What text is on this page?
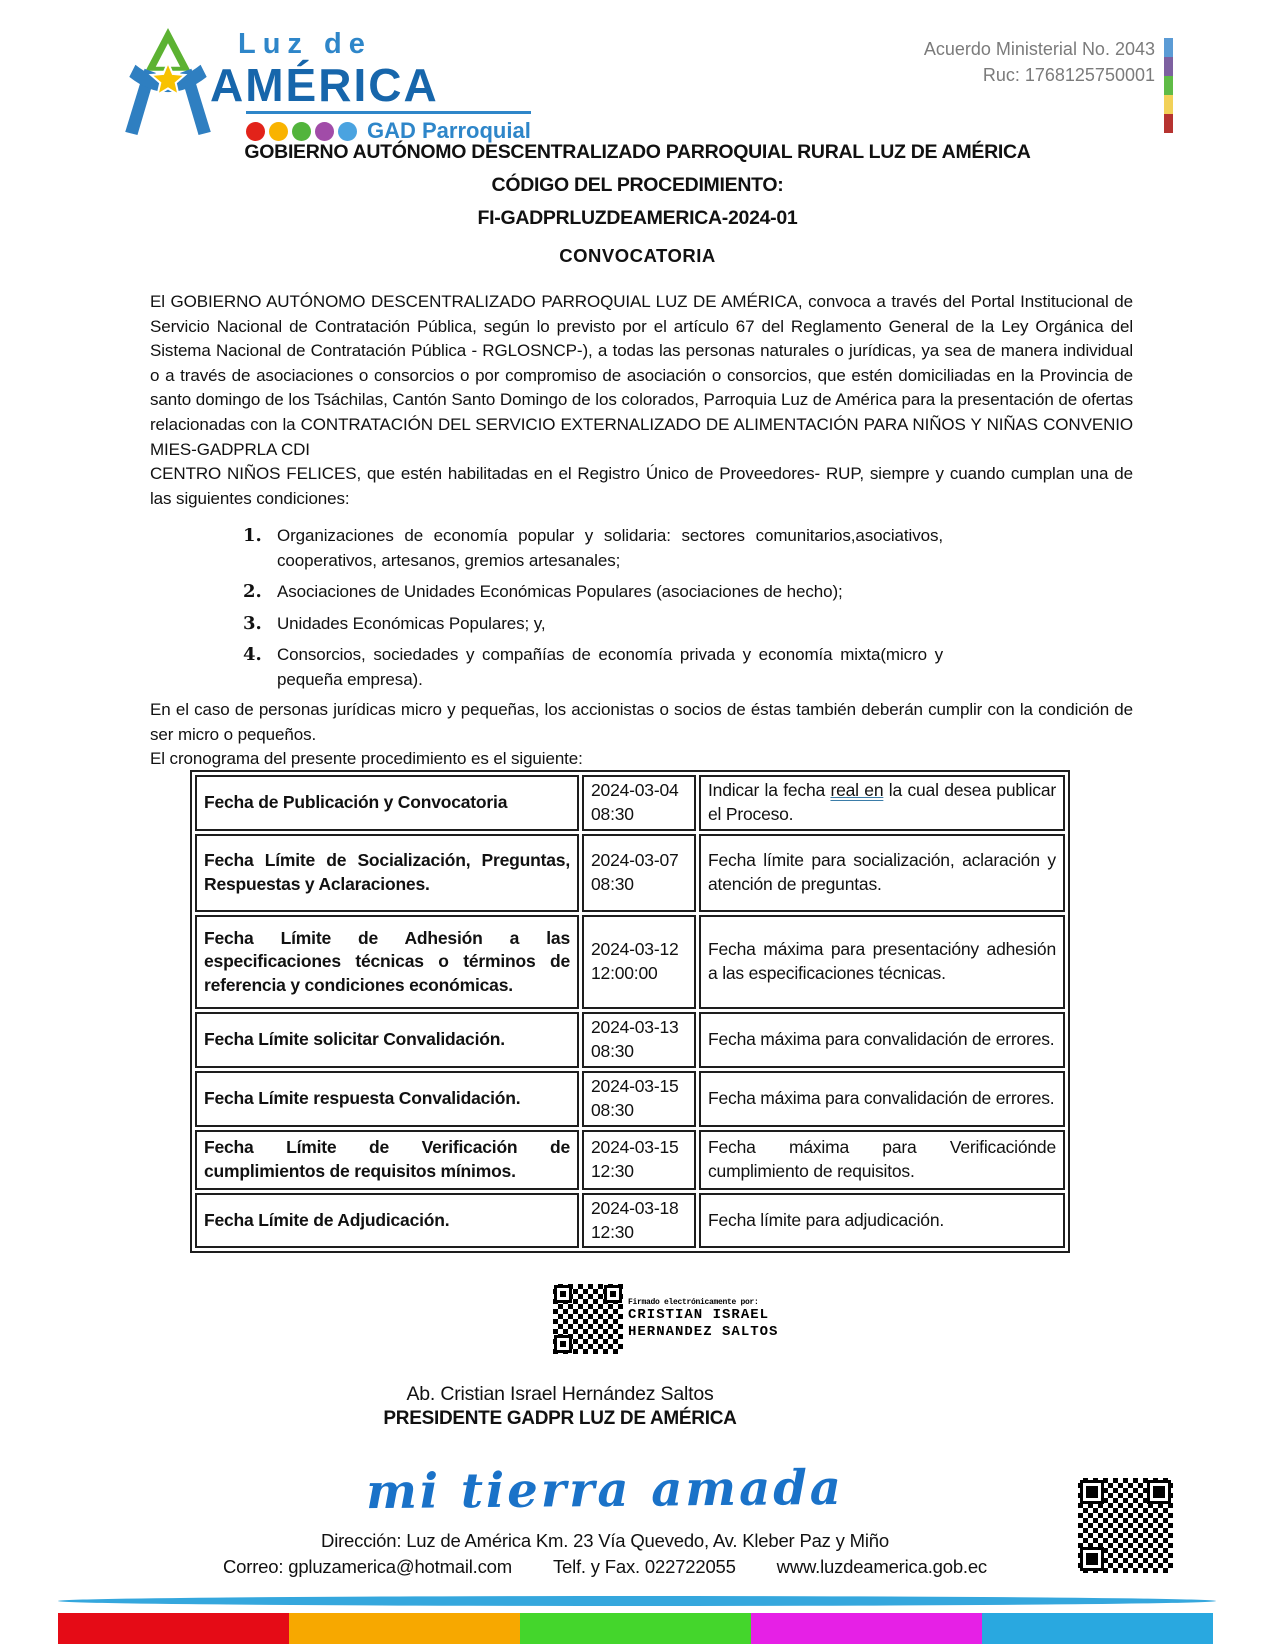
Luz de
AMÉRICA
GAD Parroquial
Acuerdo Ministerial No. 2043
Ruc: 1768125750001
GOBIERNO AUTÓNOMO DESCENTRALIZADO PARROQUIAL RURAL LUZ DE AMÉRICA
CÓDIGO DEL PROCEDIMIENTO:
FI-GADPRLUZDEAMERICA-2024-01
CONVOCATORIA
El GOBIERNO AUTÓNOMO DESCENTRALIZADO PARROQUIAL LUZ DE AMÉRICA, convoca a través del Portal Institucional de Servicio Nacional de Contratación Pública, según lo previsto por el artículo 67 del Reglamento General de la Ley Orgánica del Sistema Nacional de Contratación Pública - RGLOSNCP-), a todas las personas naturales o jurídicas, ya sea de manera individual o a través de asociaciones o consorcios o por compromiso de asociación o consorcios, que estén domiciliadas en la Provincia de santo domingo de los Tsáchilas, Cantón Santo Domingo de los colorados, Parroquia Luz de América para la presentación de ofertas relacionadas con la CONTRATACIÓN DEL SERVICIO EXTERNALIZADO DE ALIMENTACIÓN PARA NIÑOS Y NIÑAS CONVENIO MIES-GADPRLA CDI
CENTRO NIÑOS FELICES, que estén habilitadas en el Registro Único de Proveedores- RUP, siempre y cuando cumplan una de las siguientes condiciones:
1. Organizaciones de economía popular y solidaria: sectores comunitarios,asociativos, cooperativos, artesanos, gremios artesanales;
2. Asociaciones de Unidades Económicas Populares (asociaciones de hecho);
3. Unidades Económicas Populares; y,
4. Consorcios, sociedades y compañías de economía privada y economía mixta(micro y pequeña empresa).
En el caso de personas jurídicas micro y pequeñas, los accionistas o socios de éstas también deberán cumplir con la condición de ser micro o pequeños.
El cronograma del presente procedimiento es el siguiente:
Fecha de Publicación y Convocatoria	2024-03-04 08:30	Indicar la fecha real en la cual desea publicar el Proceso.
Fecha Límite de Socialización, Preguntas, Respuestas y Aclaraciones.	2024-03-07 08:30	Fecha límite para socialización, aclaración y atención de preguntas.
Fecha Límite de Adhesión a las especificaciones técnicas o términos de referencia y condiciones económicas.	2024-03-12 12:00:00	Fecha máxima para presentacióny adhesión a las especificaciones técnicas.
Fecha Límite solicitar Convalidación.	2024-03-13 08:30	Fecha máxima para convalidación de errores.
Fecha Límite respuesta Convalidación.	2024-03-15 08:30	Fecha máxima para convalidación de errores.
Fecha Límite de Verificación de cumplimientos de requisitos mínimos.	2024-03-15 12:30	Fecha máxima para Verificaciónde cumplimiento de requisitos.
Fecha Límite de Adjudicación.	2024-03-18 12:30	Fecha límite para adjudicación.
Firmado electrónicamente por:
CRISTIAN ISRAEL
HERNANDEZ SALTOS
Ab. Cristian Israel Hernández Saltos
PRESIDENTE GADPR LUZ DE AMÉRICA
mi tierra amada
Dirección: Luz de América Km. 23 Vía Quevedo, Av. Kleber Paz y Miño
Correo: gpluzamerica@hotmail.com Telf. y Fax. 022722055 www.luzdeamerica.gob.ec
